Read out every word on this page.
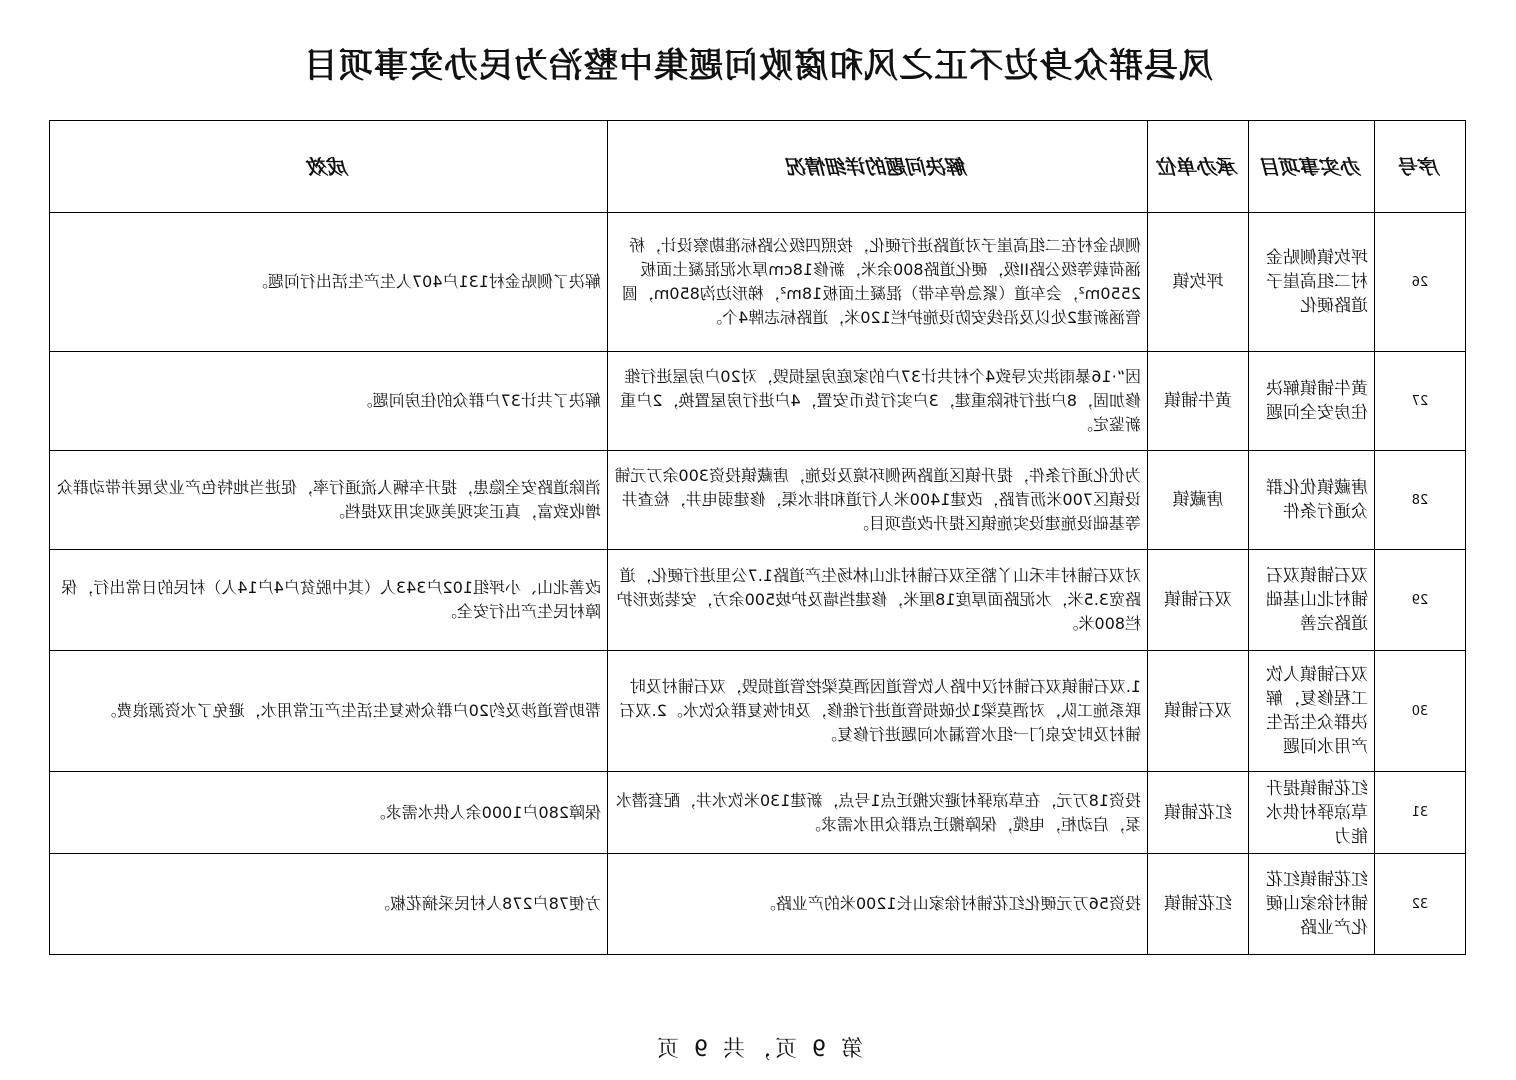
凤县群众身边不正之风和腐败问题集中整治为民办实事项目
序号	办实事项目	承办单位	解决问题的详细情况	成效
26	坪坎镇侧贴金村二组高崖子道路硬化	坪坎镇	侧贴金村在二组高崖子对道路进行硬化，按照四级公路标准勘察设计，桥涵荷载等级公路II级，硬化道路800余米，新修18cm厚水泥混凝土面板2550m²，会车道（紧急停车带）混凝土面板18m²，梯形边沟850m，圆管涵新建2处以及沿线安防设施护栏120米，道路标志牌4个。	解决了侧贴金村131户407人生产生活出行问题。
27	黄牛铺镇解决住房安全问题	黄牛铺镇	因“·16暴雨洪灾导致4个村共计37户的家庭房屋损毁，对20户房屋进行维修加固，8户进行拆除重建，3户实行货币安置，4户进行房屋置换，2户重新鉴定。	解决了共计37户群众的住房问题。
28	唐藏镇优化群众通行条件	唐藏镇	为优化通行条件，提升镇区道路两侧环境及设施，唐藏镇投资300余万元铺设镇区700米沥青路，改建1400米人行道和排水渠，修建弱电井，检查井等基础设施建设实施镇区提升改造项目。	消除道路安全隐患，提升车辆人流通行率，促进当地特色产业发展并带动群众增收致富，真正实现美观实用双提档。
29	双石铺镇双石铺村北山基础道路完善	双石铺镇	对双石铺村丰禾山丫豁至双石铺村北山林场生产道路1.7公里进行硬化，道路宽3.5米，水泥路面厚度18厘米，修建挡墙及护坡500余方，安装波形护栏800米。	改善北山、小坪组102户343人（其中脱贫户4户14人）村民的日常出行，保障村民生产出行安全。
30	双石铺镇人饮工程修复，解决群众生活生产用水问题	双石铺镇	1.双石铺镇双石铺村汉中路人饮管道因酒莫梁挖管道损毁，双石铺村及时联系施工队，对酒莫梁1处破损管道进行维修，及时恢复群众饮水。2.双石铺村及时安泉门一组水管漏水问题进行修复。	帮助管道涉及约20户群众恢复生活生产正常用水，避免了水资源浪费。
31	红花铺镇提升草凉驿村供水能力	红花铺镇	投资18万元，在草凉驿村避灾搬迁点1号点，新建130米饮水井，配套潜水泵，启动柜，电缆，保障搬迁点群众用水需求。	保障280户1000余人供水需求。
32	红花铺镇红花铺村徐家山硬化产业路	红花铺镇	投资56万元硬化红花铺村徐家山长1200米的产业路。	方便78户278人村民采摘花椒。
第 9 页，共 9 页
